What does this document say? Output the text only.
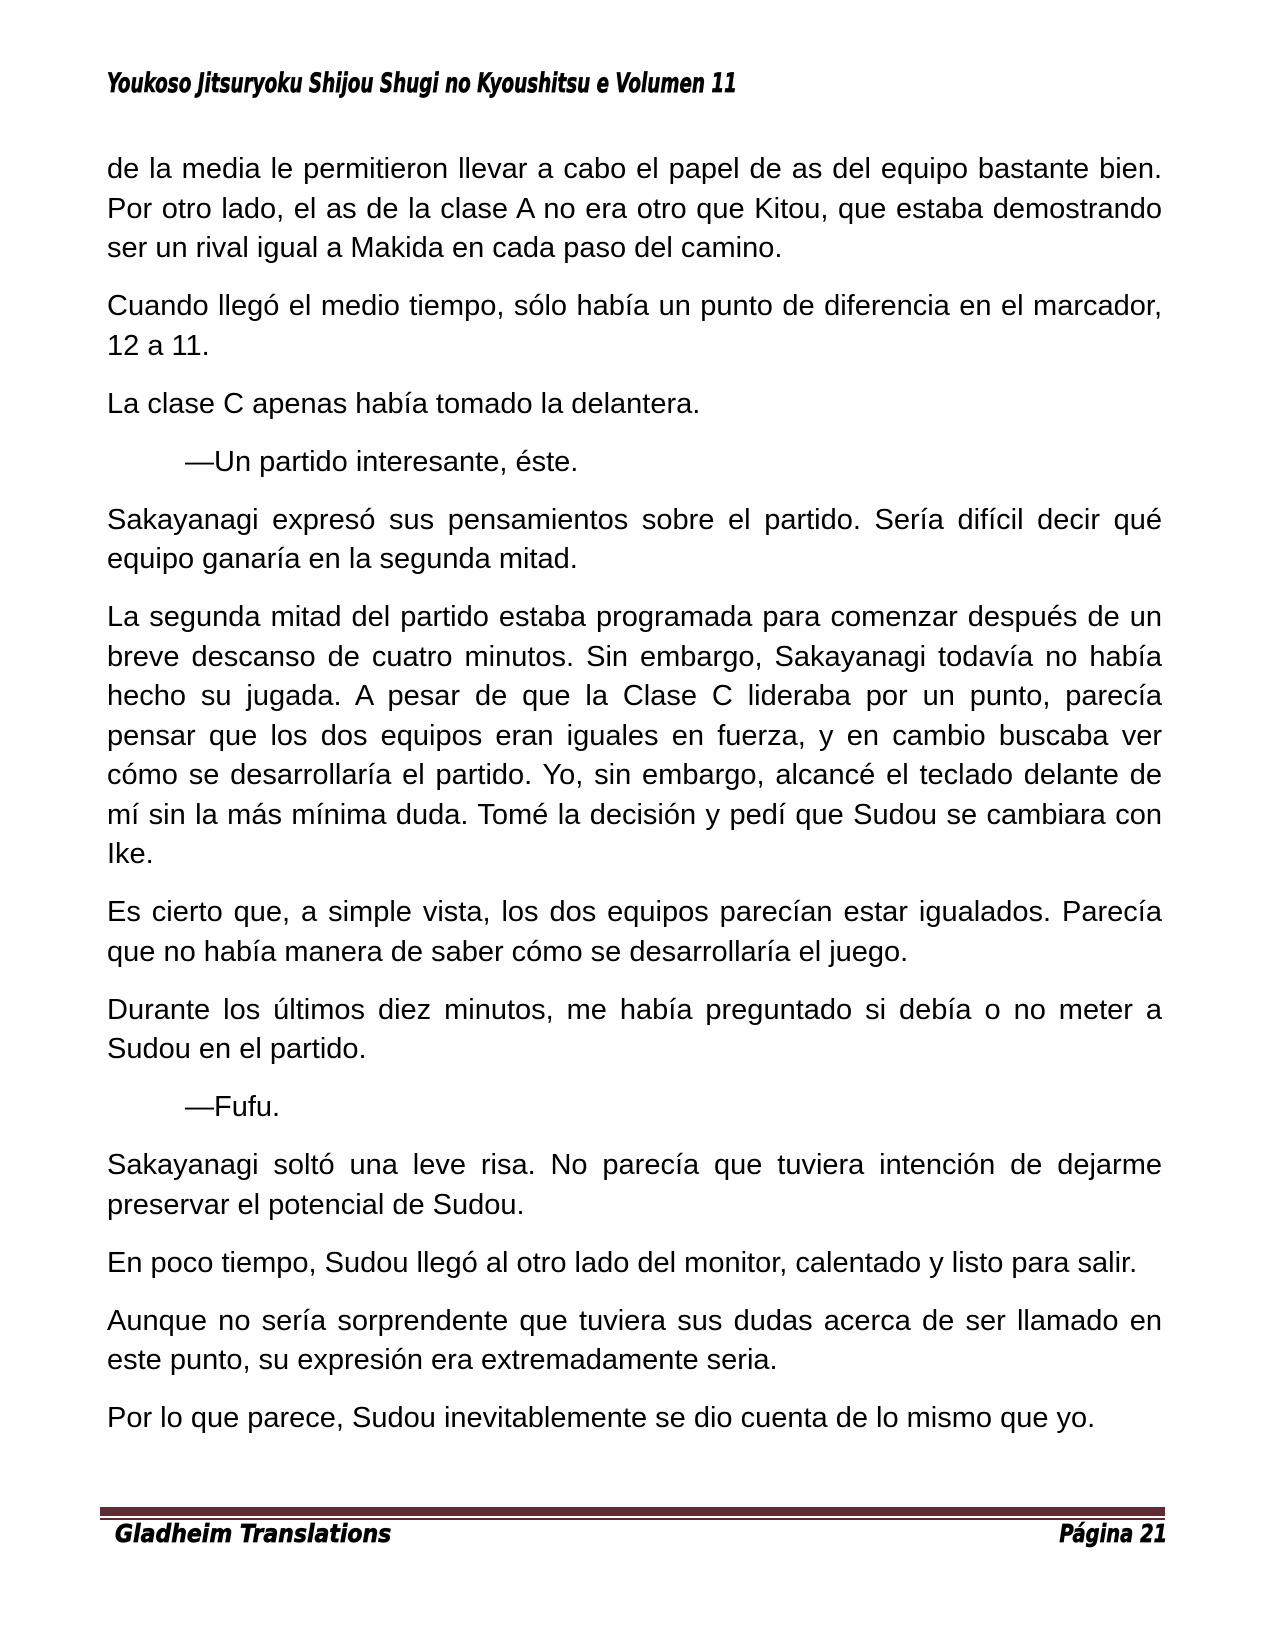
Youkoso Jitsuryoku Shijou Shugi no Kyoushitsu e Volumen 11

de la media le permitieron llevar a cabo el papel de as del equipo bastante bien. Por otro lado, el as de la clase A no era otro que Kitou, que estaba demostrando ser un rival igual a Makida en cada paso del camino.

Cuando llegó el medio tiempo, sólo había un punto de diferencia en el marcador, 12 a 11.

La clase C apenas había tomado la delantera.

—Un partido interesante, éste.

Sakayanagi expresó sus pensamientos sobre el partido. Sería difícil decir qué equipo ganaría en la segunda mitad.

La segunda mitad del partido estaba programada para comenzar después de un breve descanso de cuatro minutos. Sin embargo, Sakayanagi todavía no había hecho su jugada. A pesar de que la Clase C lideraba por un punto, parecía pensar que los dos equipos eran iguales en fuerza, y en cambio buscaba ver cómo se desarrollaría el partido. Yo, sin embargo, alcancé el teclado delante de mí sin la más mínima duda. Tomé la decisión y pedí que Sudou se cambiara con Ike.

Es cierto que, a simple vista, los dos equipos parecían estar igualados. Parecía que no había manera de saber cómo se desarrollaría el juego.

Durante los últimos diez minutos, me había preguntado si debía o no meter a Sudou en el partido.

—Fufu.

Sakayanagi soltó una leve risa. No parecía que tuviera intención de dejarme preservar el potencial de Sudou.

En poco tiempo, Sudou llegó al otro lado del monitor, calentado y listo para salir.

Aunque no sería sorprendente que tuviera sus dudas acerca de ser llamado en este punto, su expresión era extremadamente seria.

Por lo que parece, Sudou inevitablemente se dio cuenta de lo mismo que yo.

Gladheim Translations	Página 21
